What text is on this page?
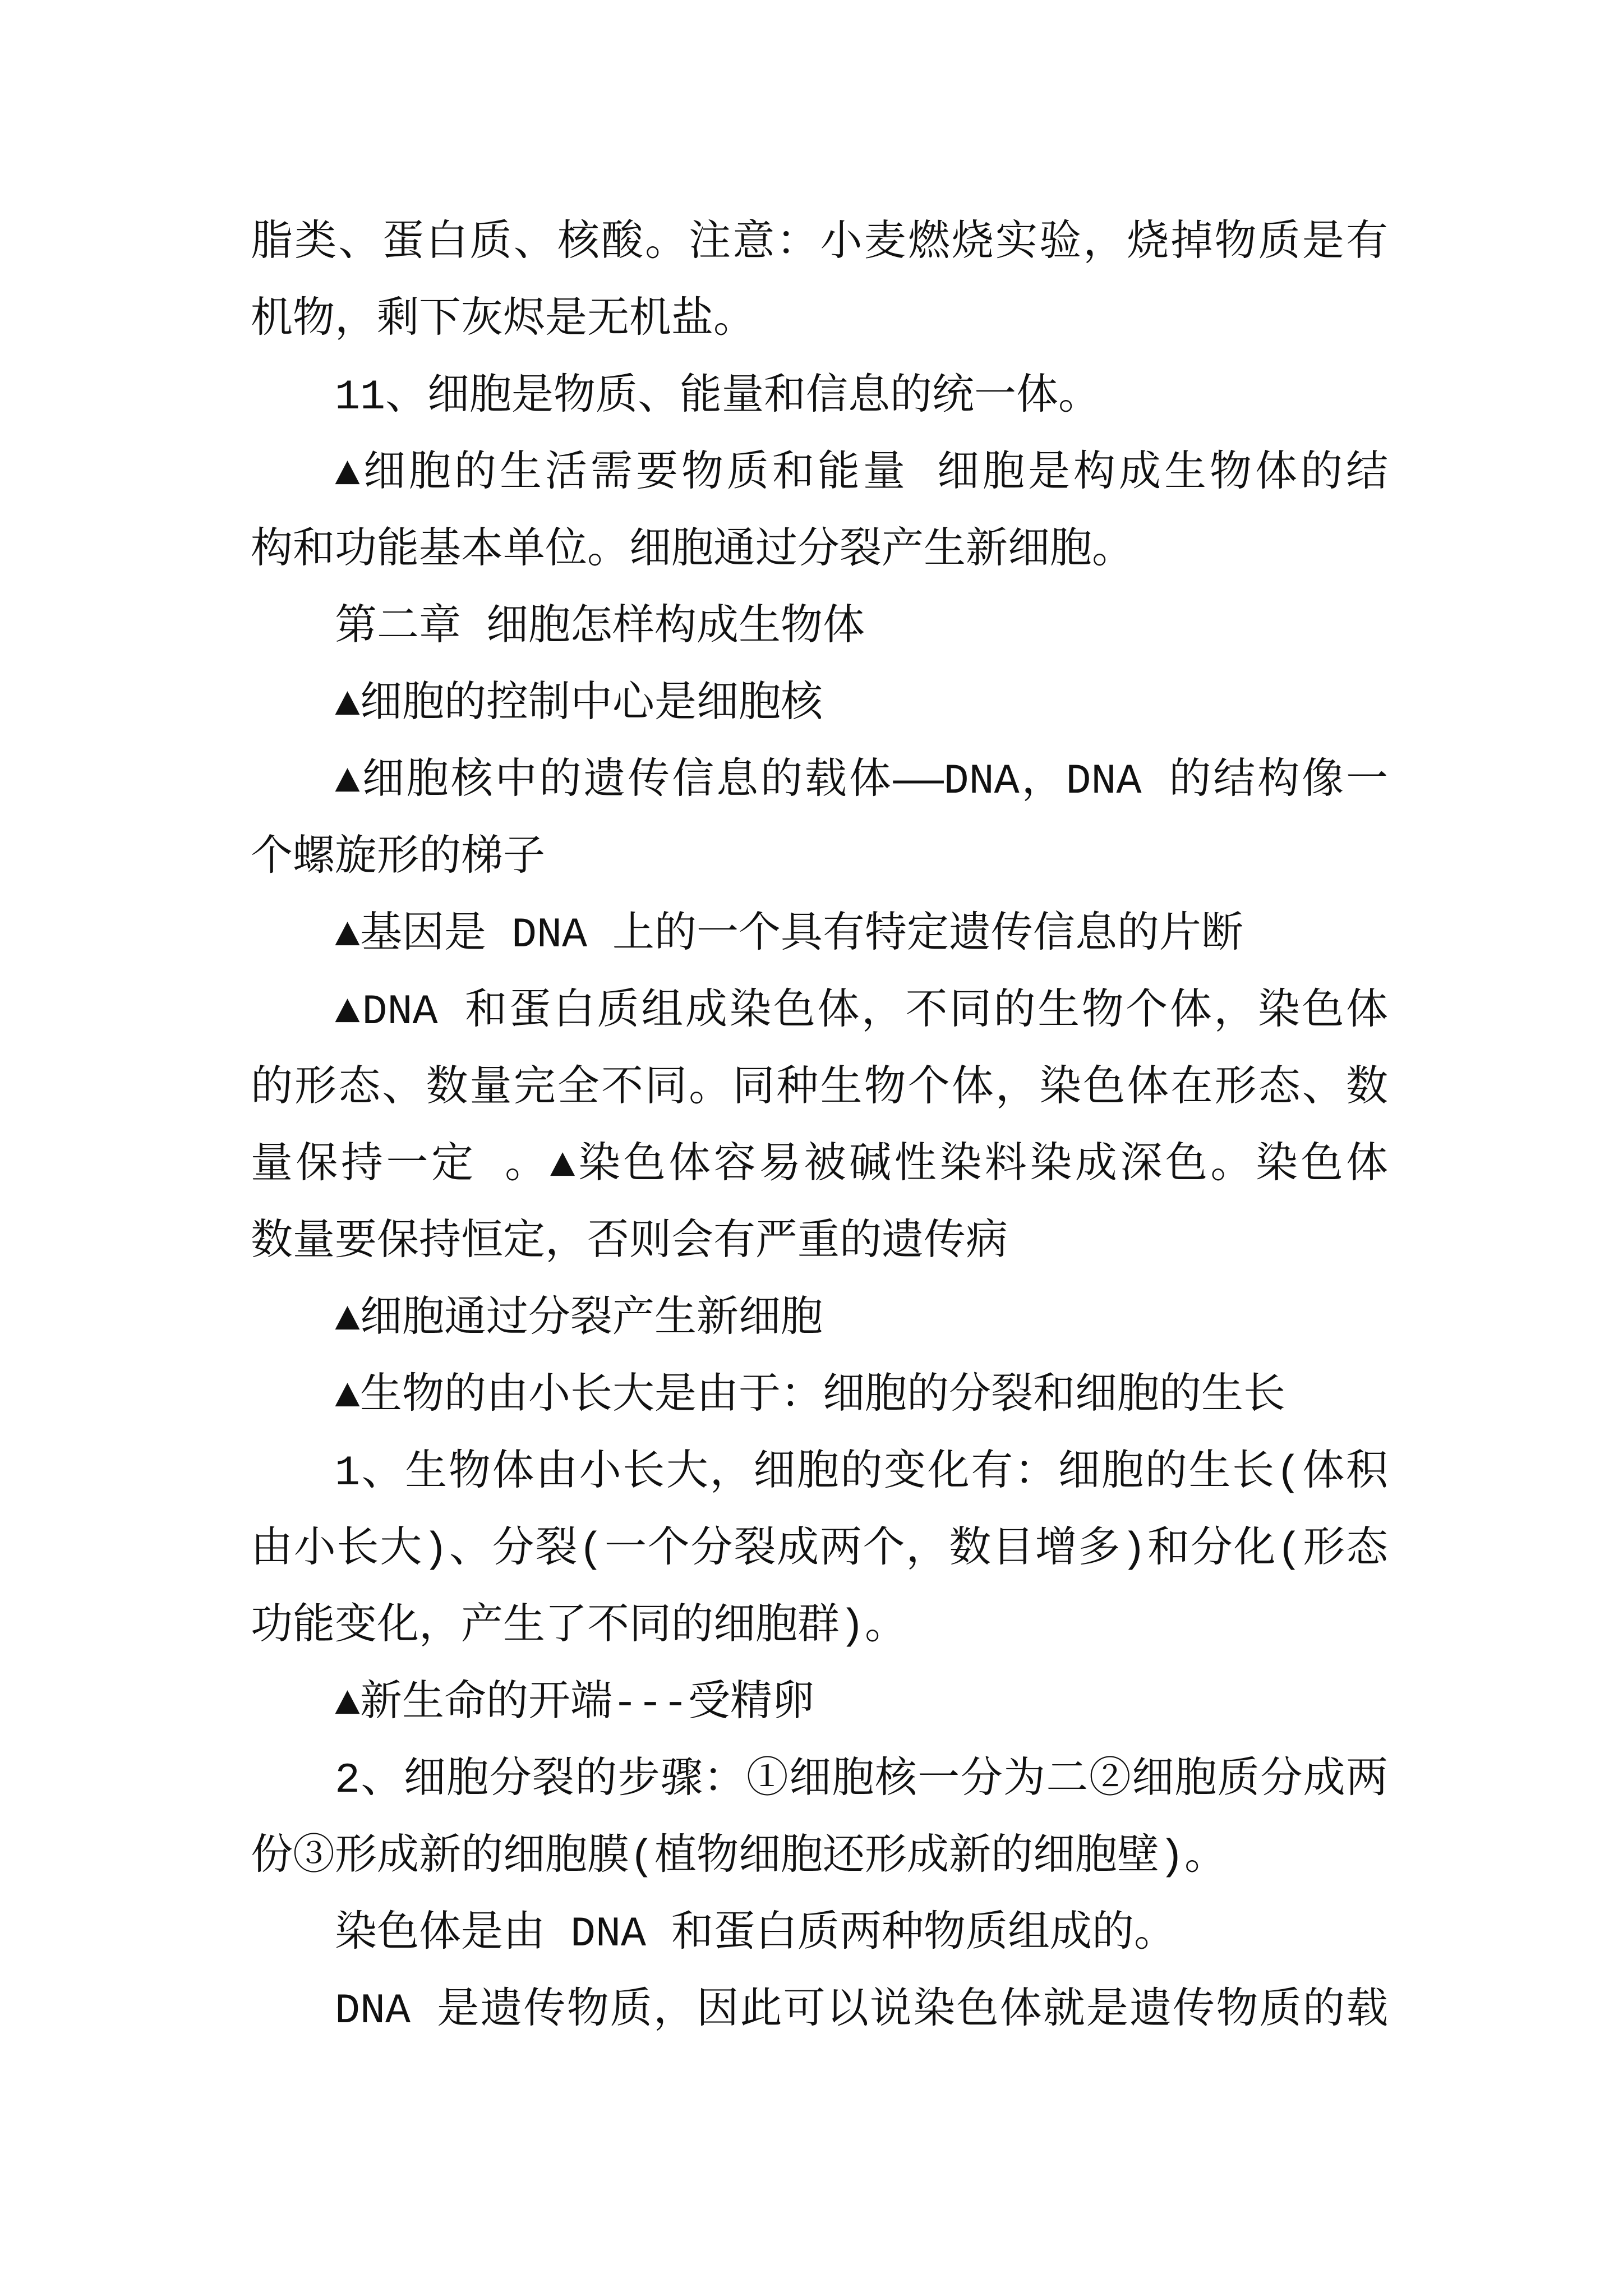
脂类、蛋白质、核酸。注意：小麦燃烧实验，烧掉物质是有
机物，剩下灰烬是无机盐。
11、细胞是物质、能量和信息的统一体。
▲细胞的生活需要物质和能量 细胞是构成生物体的结
构和功能基本单位。细胞通过分裂产生新细胞。
第二章 细胞怎样构成生物体
▲细胞的控制中心是细胞核
▲细胞核中的遗传信息的载体——DNA，DNA 的结构像一
个螺旋形的梯子
▲基因是 DNA 上的一个具有特定遗传信息的片断
▲DNA 和蛋白质组成染色体，不同的生物个体，染色体
的形态、数量完全不同。同种生物个体，染色体在形态、数
量保持一定 。▲染色体容易被碱性染料染成深色。染色体
数量要保持恒定，否则会有严重的遗传病
▲细胞通过分裂产生新细胞
▲生物的由小长大是由于：细胞的分裂和细胞的生长
1、生物体由小长大，细胞的变化有：细胞的生长(体积
由小长大)、分裂(一个分裂成两个，数目增多)和分化(形态
功能变化，产生了不同的细胞群)。
▲新生命的开端---受精卵
2、细胞分裂的步骤：①细胞核一分为二②细胞质分成两
份③形成新的细胞膜(植物细胞还形成新的细胞壁)。
染色体是由 DNA 和蛋白质两种物质组成的。
DNA 是遗传物质，因此可以说染色体就是遗传物质的载
